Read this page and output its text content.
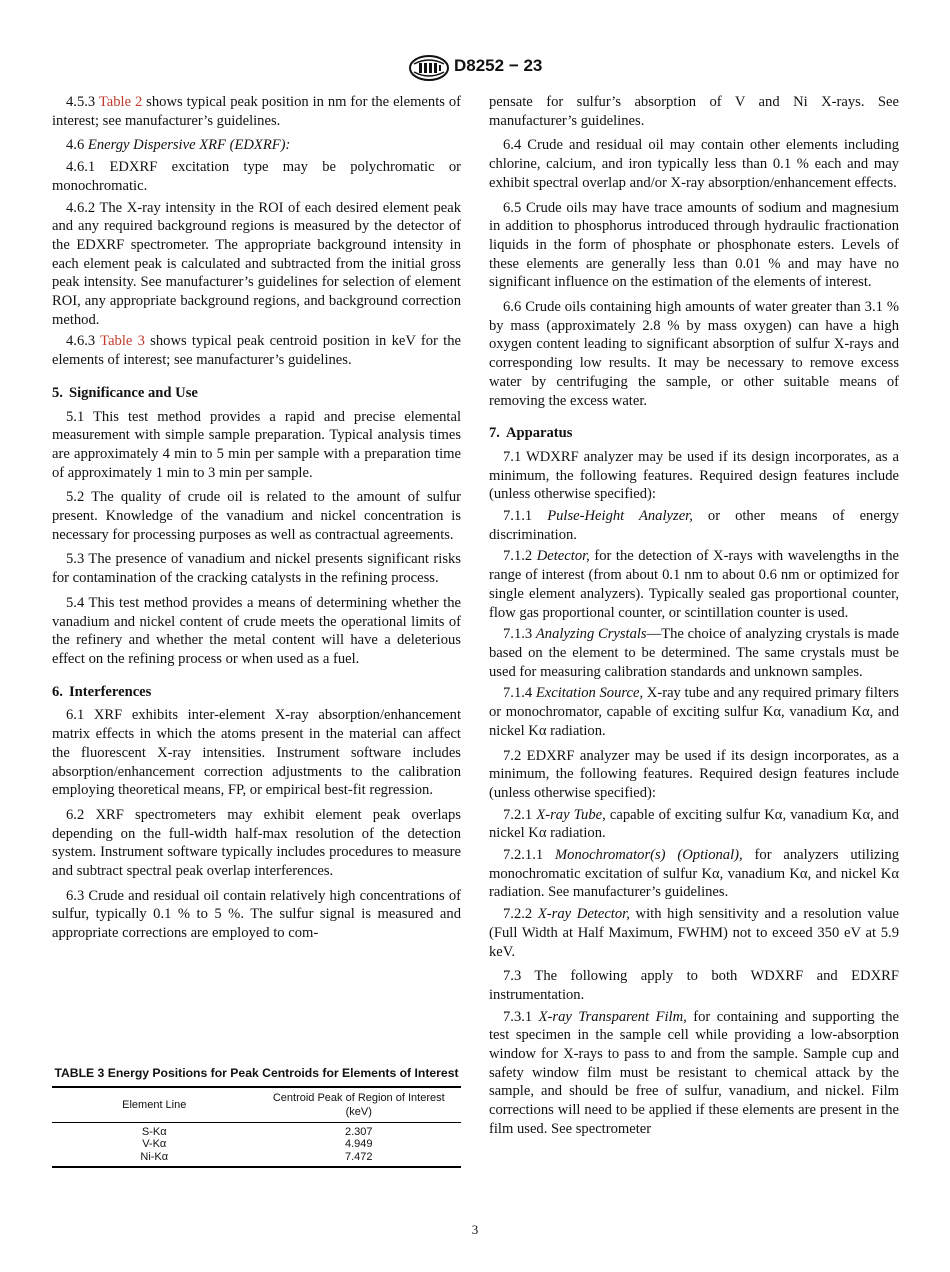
D8252 − 23

4.5.3 Table 2 shows typical peak position in nm for the elements of interest; see manufacturer’s guidelines.

4.6 Energy Dispersive XRF (EDXRF):

4.6.1 EDXRF excitation type may be polychromatic or monochromatic.

4.6.2 The X-ray intensity in the ROI of each desired element peak and any required background regions is measured by the detector of the EDXRF spectrometer. The appropriate background intensity in each element peak is calculated and subtracted from the initial gross peak intensity. See manufacturer’s guidelines for selection of element ROI, any appropriate background regions, and background correction method.

4.6.3 Table 3 shows typical peak centroid position in keV for the elements of interest; see manufacturer’s guidelines.

5. Significance and Use

5.1 This test method provides a rapid and precise elemental measurement with simple sample preparation. Typical analysis times are approximately 4 min to 5 min per sample with a preparation time of approximately 1 min to 3 min per sample.

5.2 The quality of crude oil is related to the amount of sulfur present. Knowledge of the vanadium and nickel concentration is necessary for processing purposes as well as contractual agreements.

5.3 The presence of vanadium and nickel presents significant risks for contamination of the cracking catalysts in the refining process.

5.4 This test method provides a means of determining whether the vanadium and nickel content of crude meets the operational limits of the refinery and whether the metal content will have a deleterious effect on the refining process or when used as a fuel.

6. Interferences

6.1 XRF exhibits inter-element X-ray absorption/enhancement matrix effects in which the atoms present in the material can affect the fluorescent X-ray intensities. Instrument software includes absorption/enhancement correction adjustments to the calibration employing theoretical means, FP, or empirical best-fit regression.

6.2 XRF spectrometers may exhibit element peak overlaps depending on the full-width half-max resolution of the detection system. Instrument software typically includes procedures to measure and subtract spectral peak overlap interferences.

6.3 Crude and residual oil contain relatively high concentrations of sulfur, typically 0.1 % to 5 %. The sulfur signal is measured and appropriate corrections are employed to com-

TABLE 3 Energy Positions for Peak Centroids for Elements of Interest
Element Line	Centroid Peak of Region of Interest (keV)
S-Kα	2.307
V-Kα	4.949
Ni-Kα	7.472

pensate for sulfur’s absorption of V and Ni X-rays. See manufacturer’s guidelines.

6.4 Crude and residual oil may contain other elements including chlorine, calcium, and iron typically less than 0.1 % each and may exhibit spectral overlap and/or X-ray absorption/enhancement effects.

6.5 Crude oils may have trace amounts of sodium and magnesium in addition to phosphorus introduced through hydraulic fractionation liquids in the form of phosphate or phosphonate esters. Levels of these elements are generally less than 0.01 % and may have no significant influence on the estimation of the elements of interest.

6.6 Crude oils containing high amounts of water greater than 3.1 % by mass (approximately 2.8 % by mass oxygen) can have a high oxygen content leading to significant absorption of sulfur X-rays and corresponding low results. It may be necessary to remove excess water by centrifuging the sample, or other suitable means of removing the excess water.

7. Apparatus

7.1 WDXRF analyzer may be used if its design incorporates, as a minimum, the following features. Required design features include (unless otherwise specified):

7.1.1 Pulse-Height Analyzer, or other means of energy discrimination.

7.1.2 Detector, for the detection of X-rays with wavelengths in the range of interest (from about 0.1 nm to about 0.6 nm or optimized for single element analyzers). Typically sealed gas proportional counter, flow gas proportional counter, or scintillation counter is used.

7.1.3 Analyzing Crystals—The choice of analyzing crystals is made based on the element to be determined. The same crystals must be used for measuring calibration standards and unknown samples.

7.1.4 Excitation Source, X-ray tube and any required primary filters or monochromator, capable of exciting sulfur Kα, vanadium Kα, and nickel Kα radiation.

7.2 EDXRF analyzer may be used if its design incorporates, as a minimum, the following features. Required design features include (unless otherwise specified):

7.2.1 X-ray Tube, capable of exciting sulfur Kα, vanadium Kα, and nickel Kα radiation.

7.2.1.1 Monochromator(s) (Optional), for analyzers utilizing monochromatic excitation of sulfur Kα, vanadium Kα, and nickel Kα radiation. See manufacturer’s guidelines.

7.2.2 X-ray Detector, with high sensitivity and a resolution value (Full Width at Half Maximum, FWHM) not to exceed 350 eV at 5.9 keV.

7.3 The following apply to both WDXRF and EDXRF instrumentation.

7.3.1 X-ray Transparent Film, for containing and supporting the test specimen in the sample cell while providing a low-absorption window for X-rays to pass to and from the sample. Sample cup and safety window film must be resistant to chemical attack by the sample, and should be free of sulfur, vanadium, and nickel. Film corrections will need to be applied if these elements are present in the film used. See spectrometer

3
